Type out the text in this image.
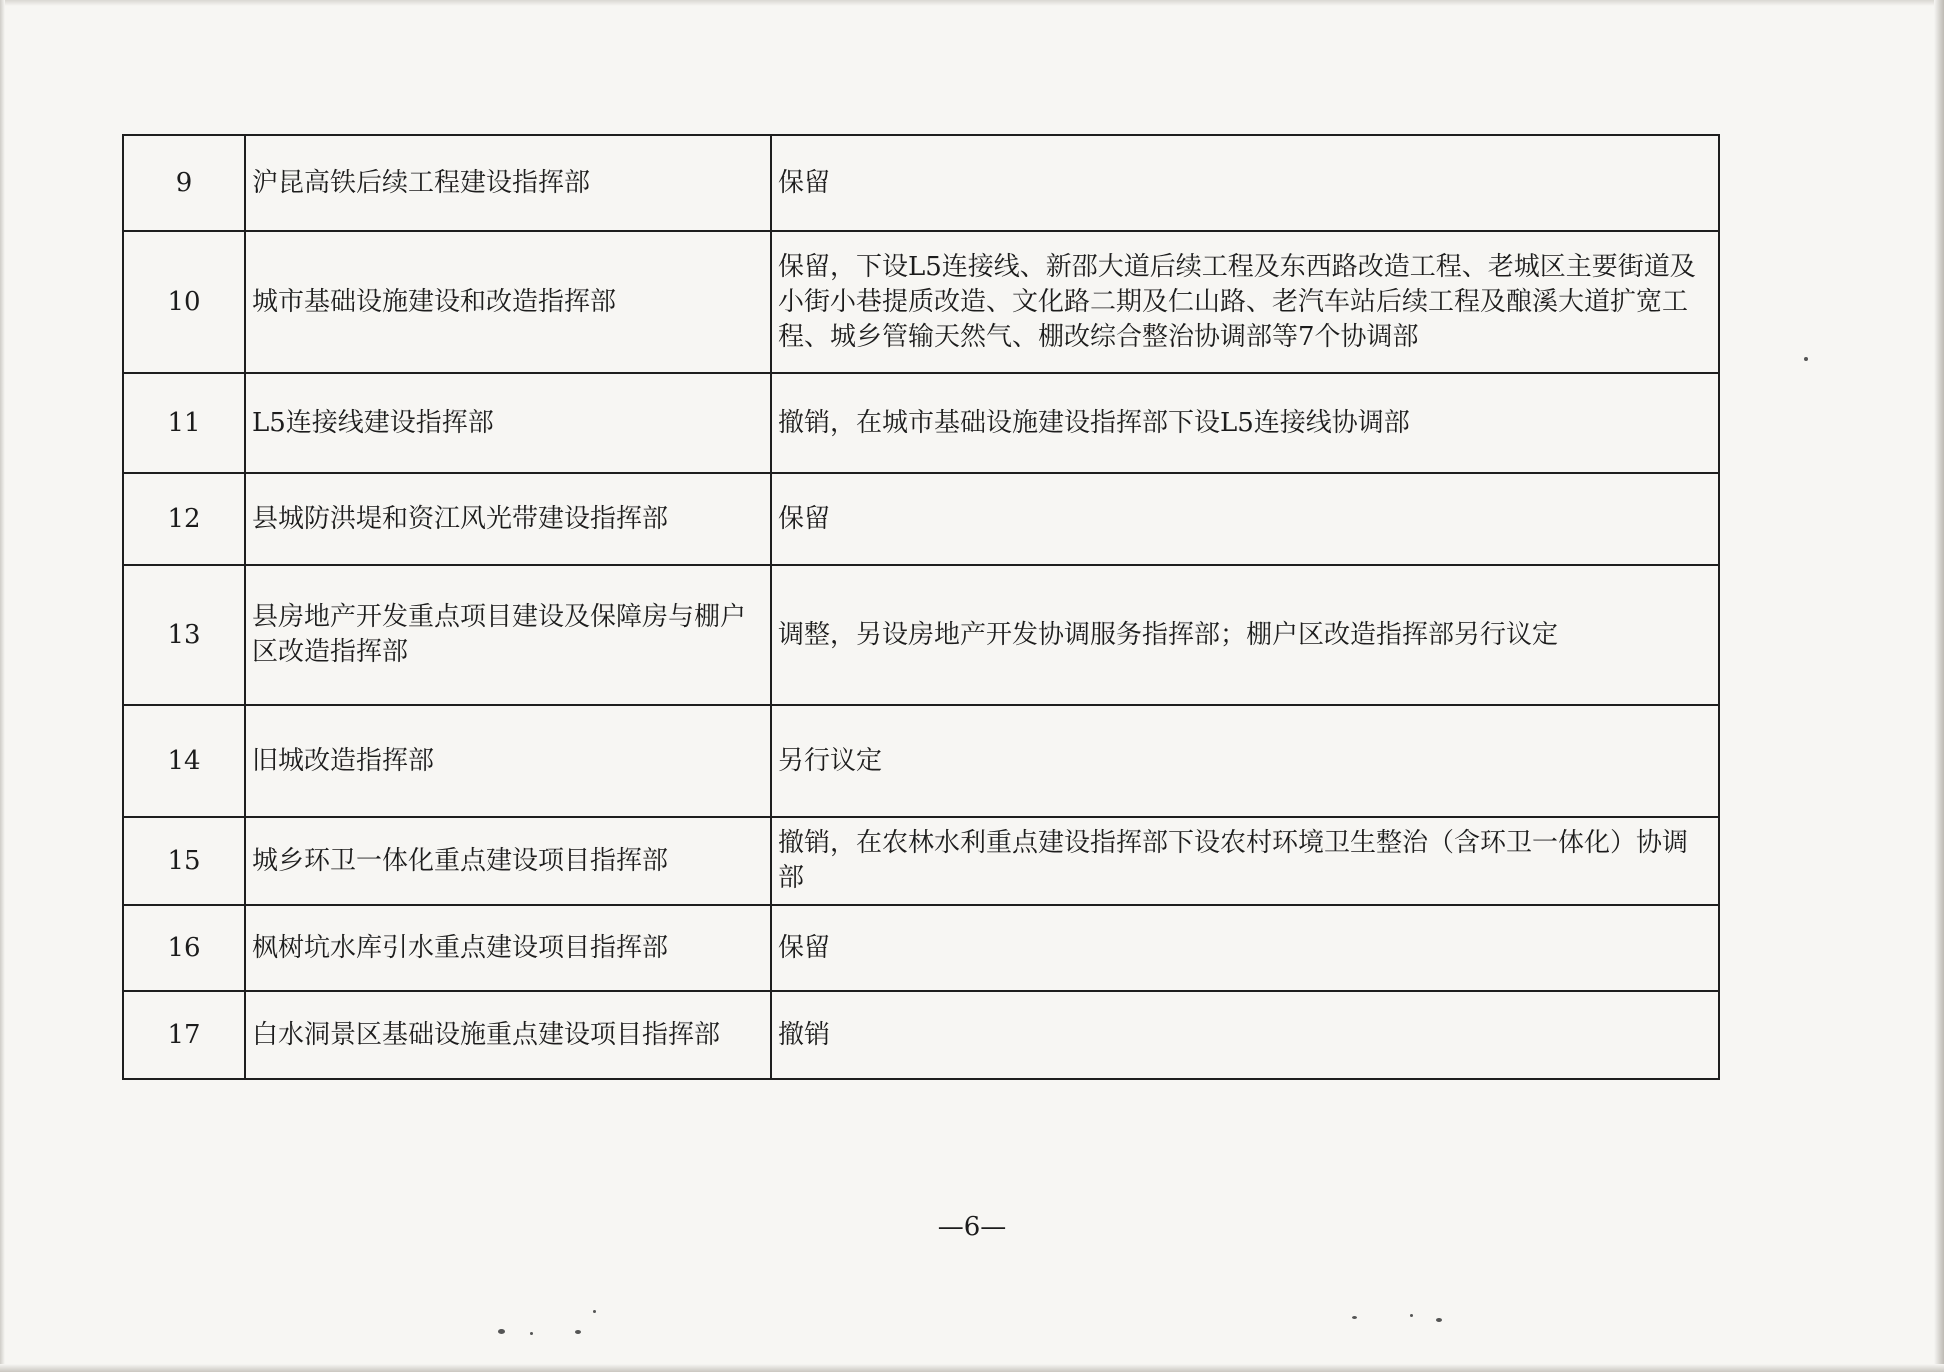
9	沪昆高铁后续工程建设指挥部	保留
10	城市基础设施建设和改造指挥部	保留，下设L5连接线、新邵大道后续工程及东西路改造工程、老城区主要街道及小街小巷提质改造、文化路二期及仁山路、老汽车站后续工程及酿溪大道扩宽工程、城乡管输天然气、棚改综合整治协调部等7个协调部
11	L5连接线建设指挥部	撤销，在城市基础设施建设指挥部下设L5连接线协调部
12	县城防洪堤和资江风光带建设指挥部	保留
13	县房地产开发重点项目建设及保障房与棚户区改造指挥部	调整，另设房地产开发协调服务指挥部；棚户区改造指挥部另行议定
14	旧城改造指挥部	另行议定
15	城乡环卫一体化重点建设项目指挥部	撤销，在农林水利重点建设指挥部下设农村环境卫生整治（含环卫一体化）协调部
16	枫树坑水库引水重点建设项目指挥部	保留
17	白水洞景区基础设施重点建设项目指挥部	撤销
—6—
